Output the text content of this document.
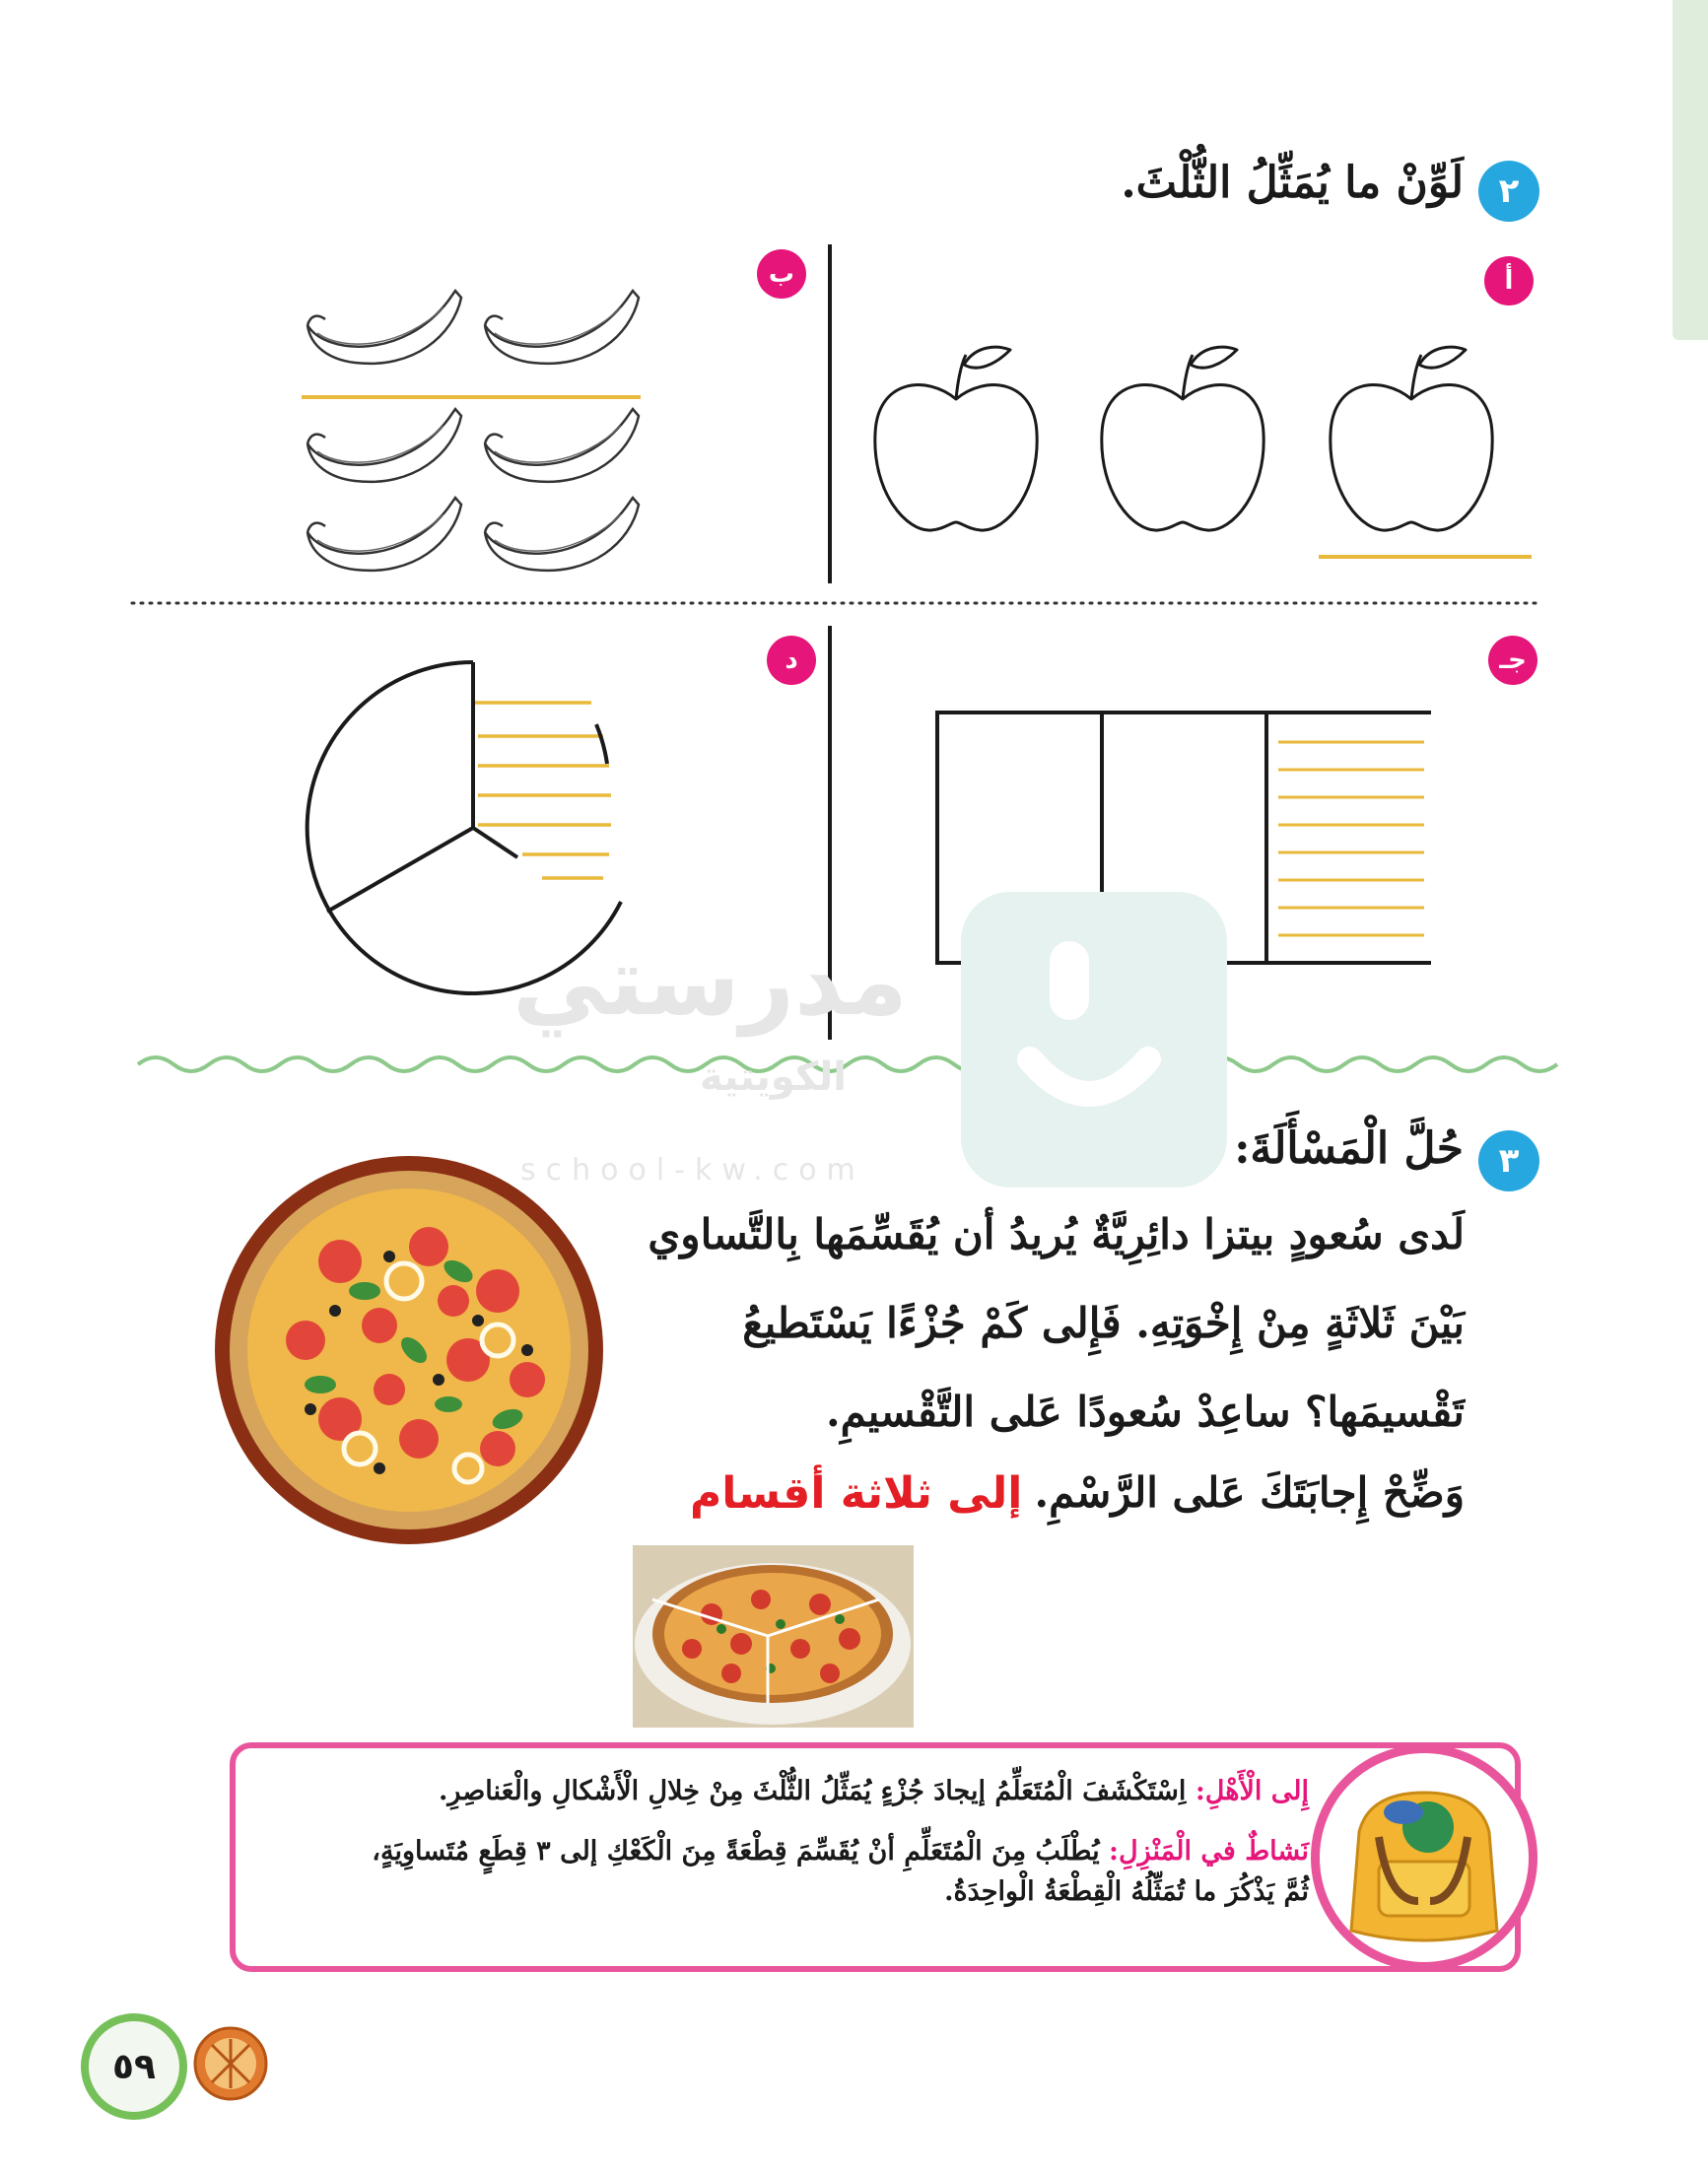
٢
لَوِّنْ ما يُمَثِّلُ الثُّلْثَ.
أ
ب
جـ
د
مدرستي
الكويتية
school-kw.com	٣
حُلَّ الْمَسْأَلَةَ:
لَدى سُعودٍ بيتزا دائِرِيَّةٌ يُريدُ أن يُقَسِّمَها بِالتَّساوي
بَيْنَ ثَلاثَةٍ مِنْ إِخْوَتِهِ. فَإِلى كَمْ جُزْءًا يَسْتَطيعُ
تَقْسيمَها؟ ساعِدْ سُعودًا عَلى التَّقْسيمِ.
وَضِّحْ إِجابَتَكَ عَلى الرَّسْمِ.
إلى ثلاثة أقسام
إِلى الْأَهْلِ: اِسْتَكْشَفَ الْمُتَعَلِّمُ إيجادَ جُزْءٍ يُمَثِّلُ الثُّلْثَ مِنْ خِلالِ الْأَشْكالِ والْعَناصِرِ.
نَشاطٌ في الْمَنْزِلِ: يُطْلَبُ مِنَ الْمُتَعَلِّمِ أنْ يُقَسِّمَ قِطْعَةً مِنَ الْكَعْكِ إلى ٣ قِطَعٍ مُتَساوِيَةٍ،
ثُمَّ يَذْكُرَ ما تُمَثِّلُهُ الْقِطْعَةُ الْواحِدَةُ.
٥٩
